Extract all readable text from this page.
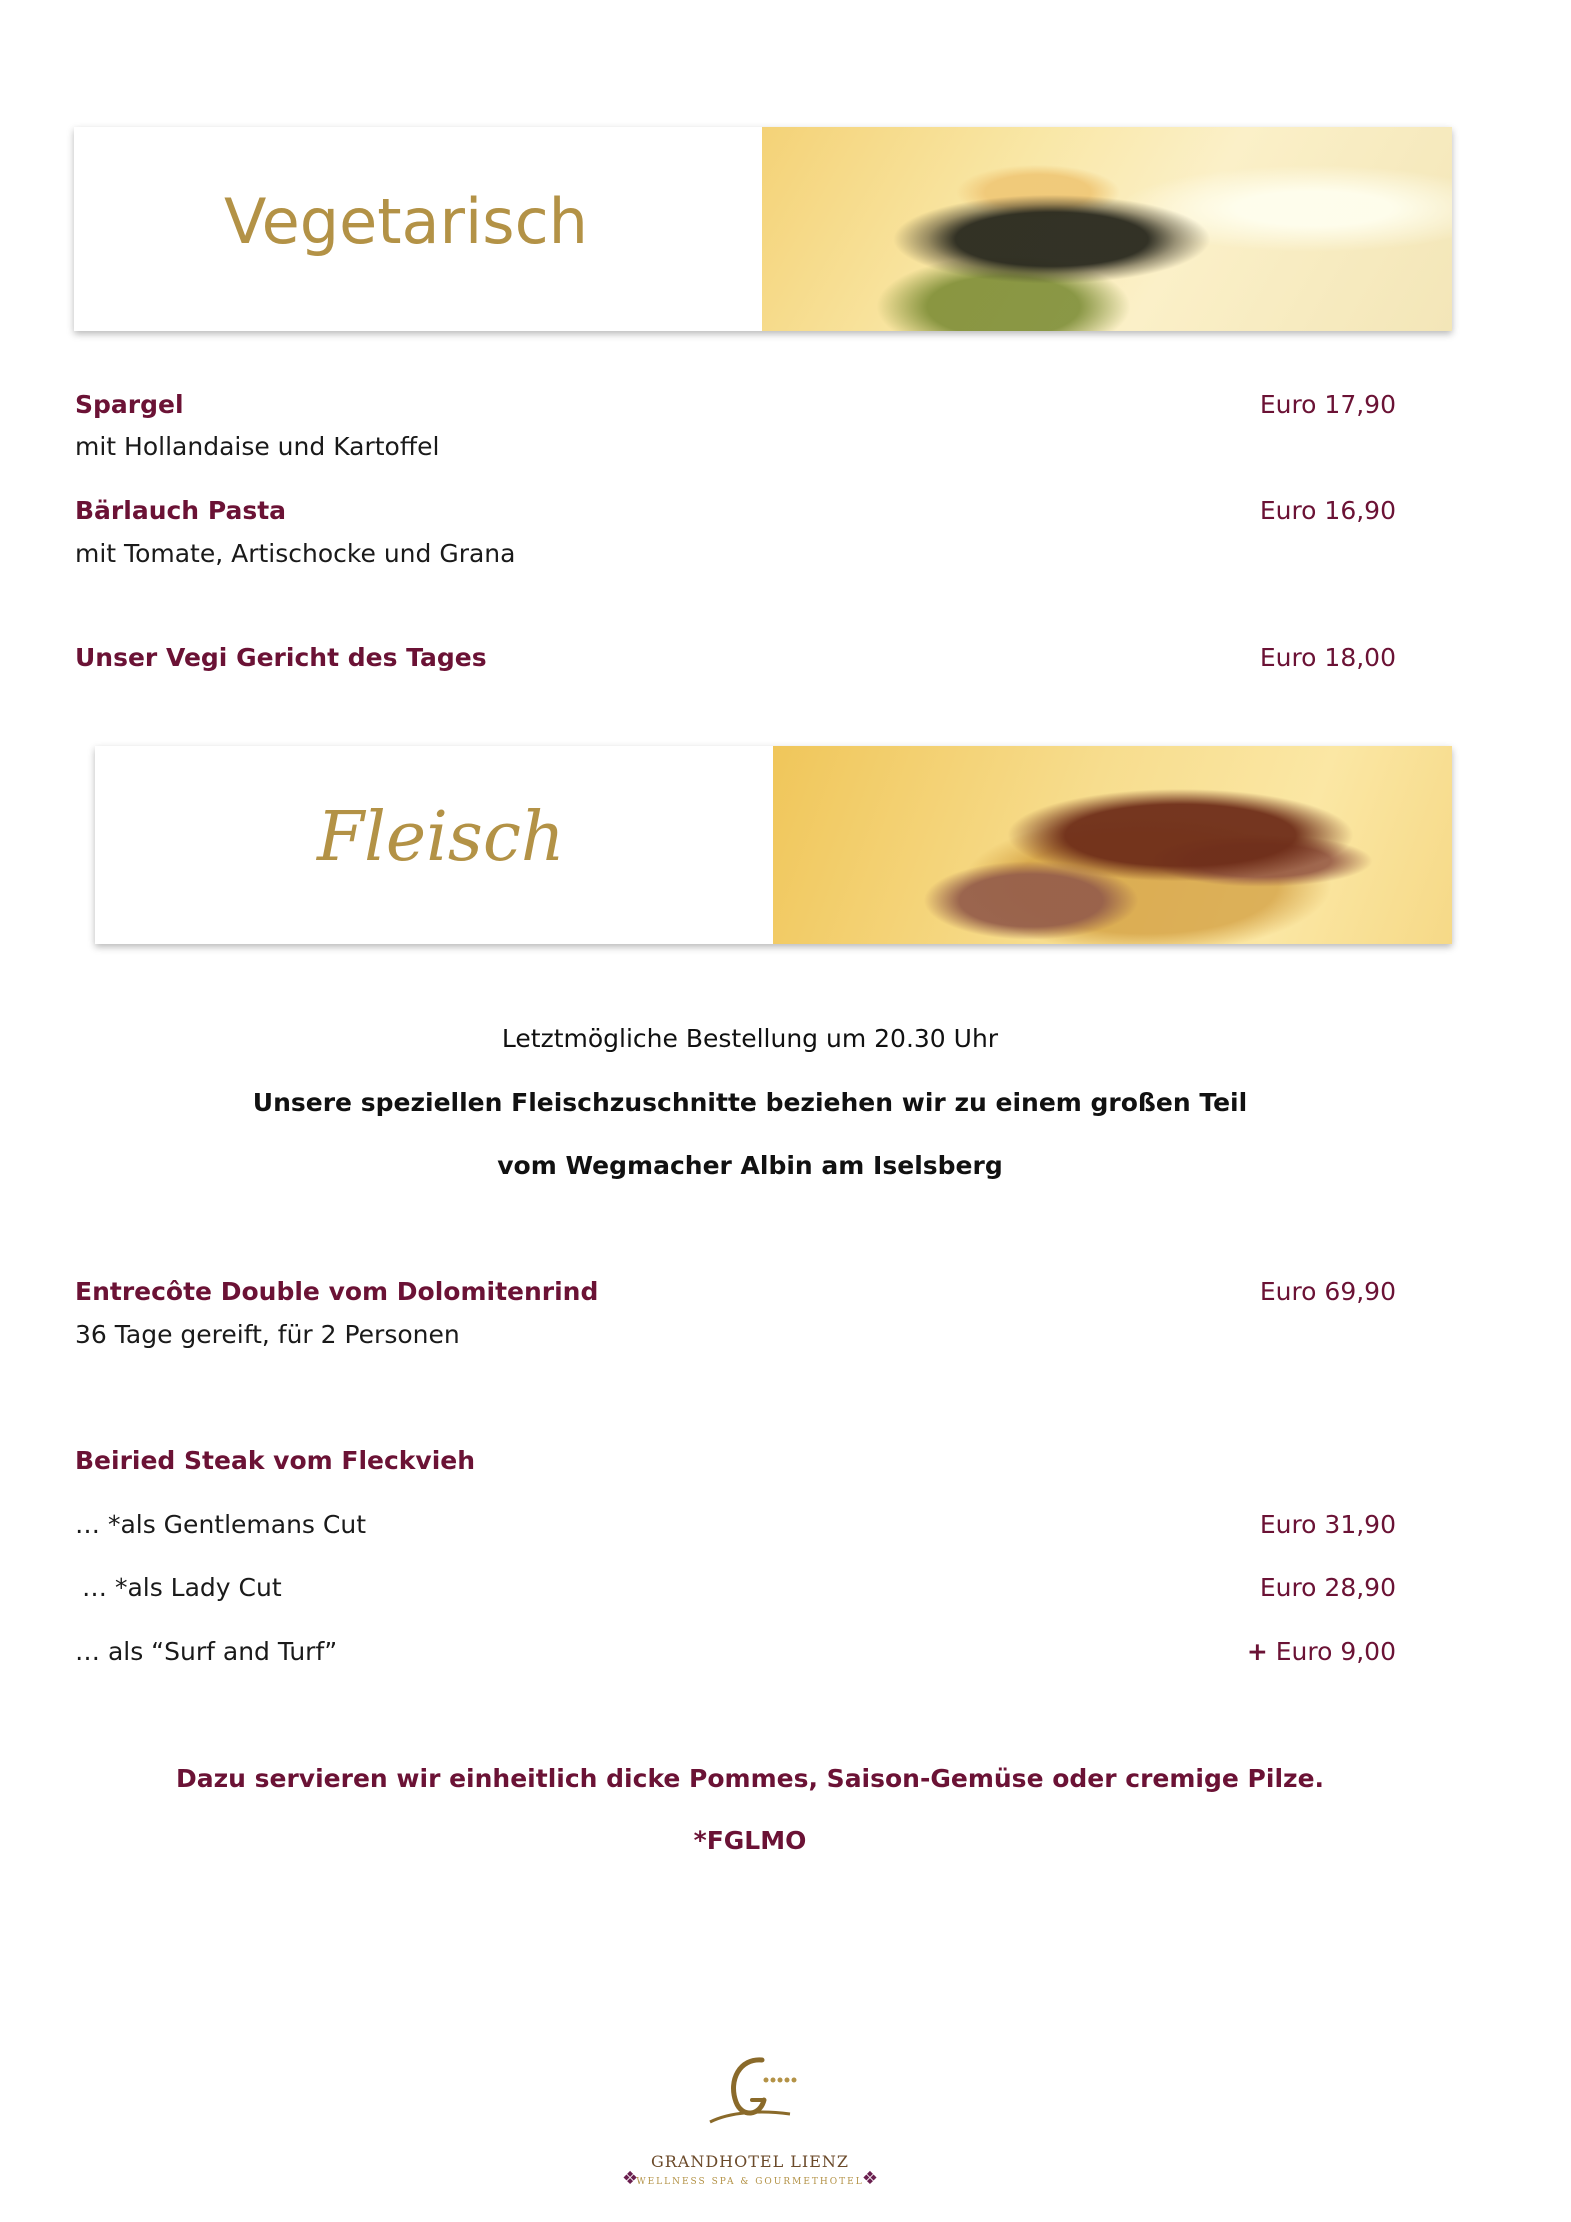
Vegetarisch
Spargel	Euro 17,90
mit Hollandaise und Kartoffel
Bärlauch Pasta	Euro 16,90
mit Tomate, Artischocke und Grana
Unser Vegi Gericht des Tages	Euro 18,00
Fleisch
Letztmögliche Bestellung um 20.30 Uhr
Unsere speziellen Fleischzuschnitte beziehen wir zu einem großen Teil
vom Wegmacher Albin am Iselsberg
Entrecôte Double vom Dolomitenrind	Euro 69,90
36 Tage gereift, für 2 Personen
Beiried Steak vom Fleckvieh
… *als Gentlemans Cut	Euro 31,90
… *als Lady Cut	Euro 28,90
… als “Surf and Turf”	+ Euro 9,00
Dazu servieren wir einheitlich dicke Pommes, Saison-Gemüse oder cremige Pilze.
*FGLMO
❖
GRANDHOTEL LIENZ
WELLNESS SPA & GOURMETHOTEL
❖
